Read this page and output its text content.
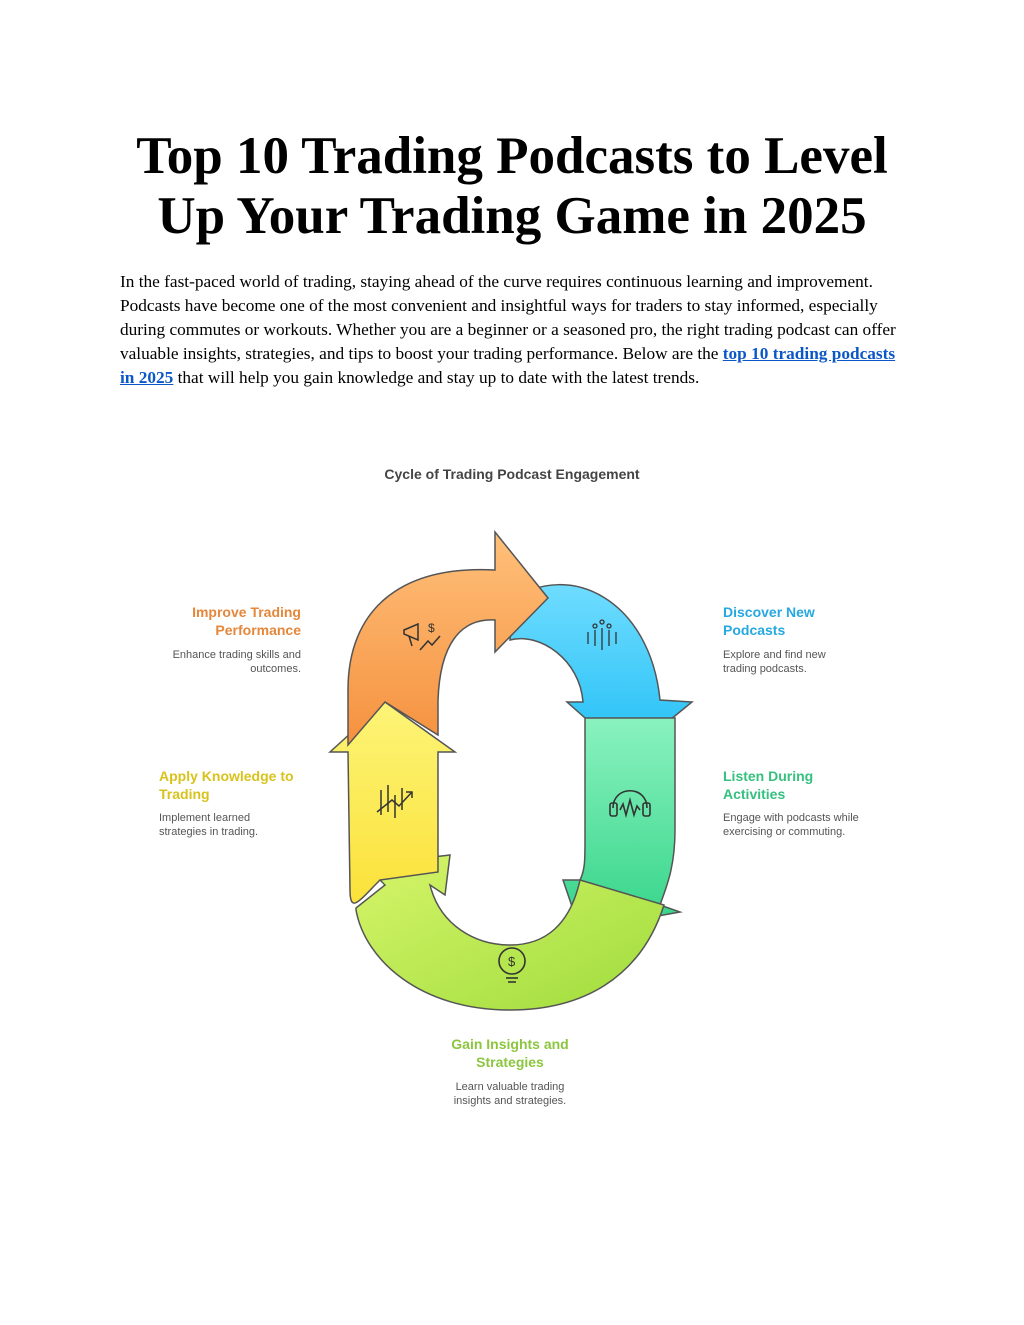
Top 10 Trading Podcasts to Level Up Your Trading Game in 2025

In the fast-paced world of trading, staying ahead of the curve requires continuous learning and improvement. Podcasts have become one of the most convenient and insightful ways for traders to stay informed, especially during commutes or workouts. Whether you are a beginner or a seasoned pro, the right trading podcast can offer valuable insights, strategies, and tips to boost your trading performance. Below are the top 10 trading podcasts in 2025 that will help you gain knowledge and stay up to date with the latest trends.

Cycle of Trading Podcast Engagement
$
$
Discover New
Podcasts
Explore and find new
trading podcasts.
Listen During
Activities
Engage with podcasts while
exercising or commuting.
Gain Insights and
Strategies
Learn valuable trading
insights and strategies.
Apply Knowledge to
Trading
Implement learned
strategies in trading.
Improve Trading
Performance
Enhance trading skills and
outcomes.
